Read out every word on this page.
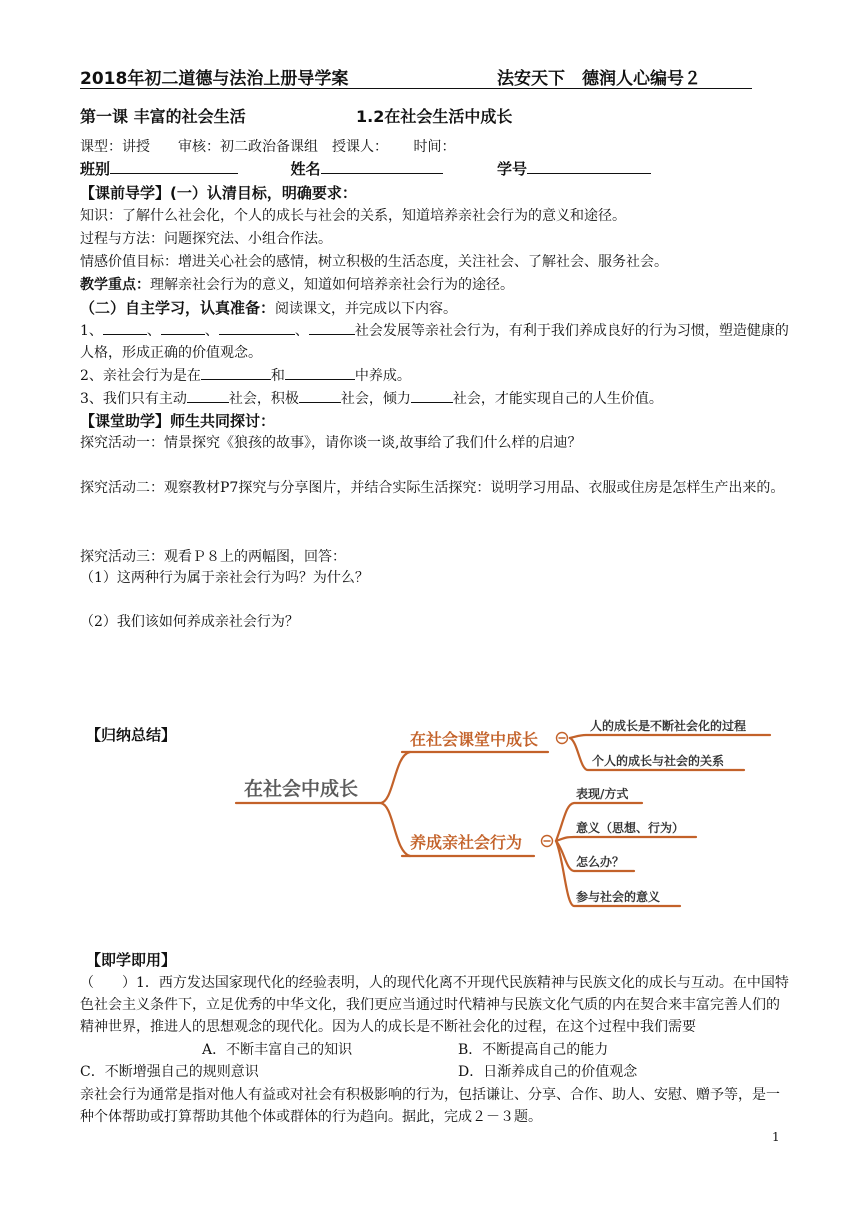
2018年初二道德与法治上册导学案	法安天下　德润人心编号２
第一课 丰富的社会生活	1.2在社会生活中成长
课型：讲授　　审核：初二政治备课组　授课人：　　 时间：
班别	姓名	学号
【课前导学】(一）认清目标，明确要求：
知识：了解什么社会化，个人的成长与社会的关系，知道培养亲社会行为的意义和途径。
过程与方法：问题探究法、小组合作法。
情感价值目标：增进关心社会的感情，树立积极的生活态度，关注社会、了解社会、服务社会。
教学重点：理解亲社会行为的意义，知道如何培养亲社会行为的途径。
（二）自主学习，认真准备：阅读课文，并完成以下内容。
1、	、	、	、	社会发展等亲社会行为，有利于我们养成良好的行为习惯，塑造健康的人格，形成正确的价值观念。
2、亲社会行为是在	和	中养成。
3、我们只有主动	社会，积极	社会，倾力	社会，才能实现自己的人生价值。
【课堂助学】师生共同探讨：
探究活动一：情景探究《狼孩的故事》，请你谈一谈,故事给了我们什么样的启迪？
探究活动二：观察教材P7探究与分享图片，并结合实际生活探究：说明学习用品、衣服或住房是怎样生产出来的。
探究活动三：观看Ｐ８上的两幅图，回答：
（1）这两种行为属于亲社会行为吗？为什么？
（2）我们该如何养成亲社会行为？
【归纳总结】
在社会中成长
在社会课堂中成长
养成亲社会行为
人的成长是不断社会化的过程
个人的成长与社会的关系
表现/方式
意义（思想、行为）
怎么办？
参与社会的意义
【即学即用】
（　　）1．西方发达国家现代化的经验表明，人的现代化离不开现代民族精神与民族文化的成长与互动。在中国特色社会主义条件下，立足优秀的中华文化，我们更应当通过时代精神与民族文化气质的内在契合来丰富完善人们的精神世界，推进人的思想观念的现代化。因为人的成长是不断社会化的过程，在这个过程中我们需要
A．不断丰富自己的知识	B．不断提高自己的能力
C．不断增强自己的规则意识	D．日渐养成自己的价值观念
亲社会行为通常是指对他人有益或对社会有积极影响的行为，包括谦让、分享、合作、助人、安慰、赠予等，是一种个体帮助或打算帮助其他个体或群体的行为趋向。据此，完成２－３题。
1
